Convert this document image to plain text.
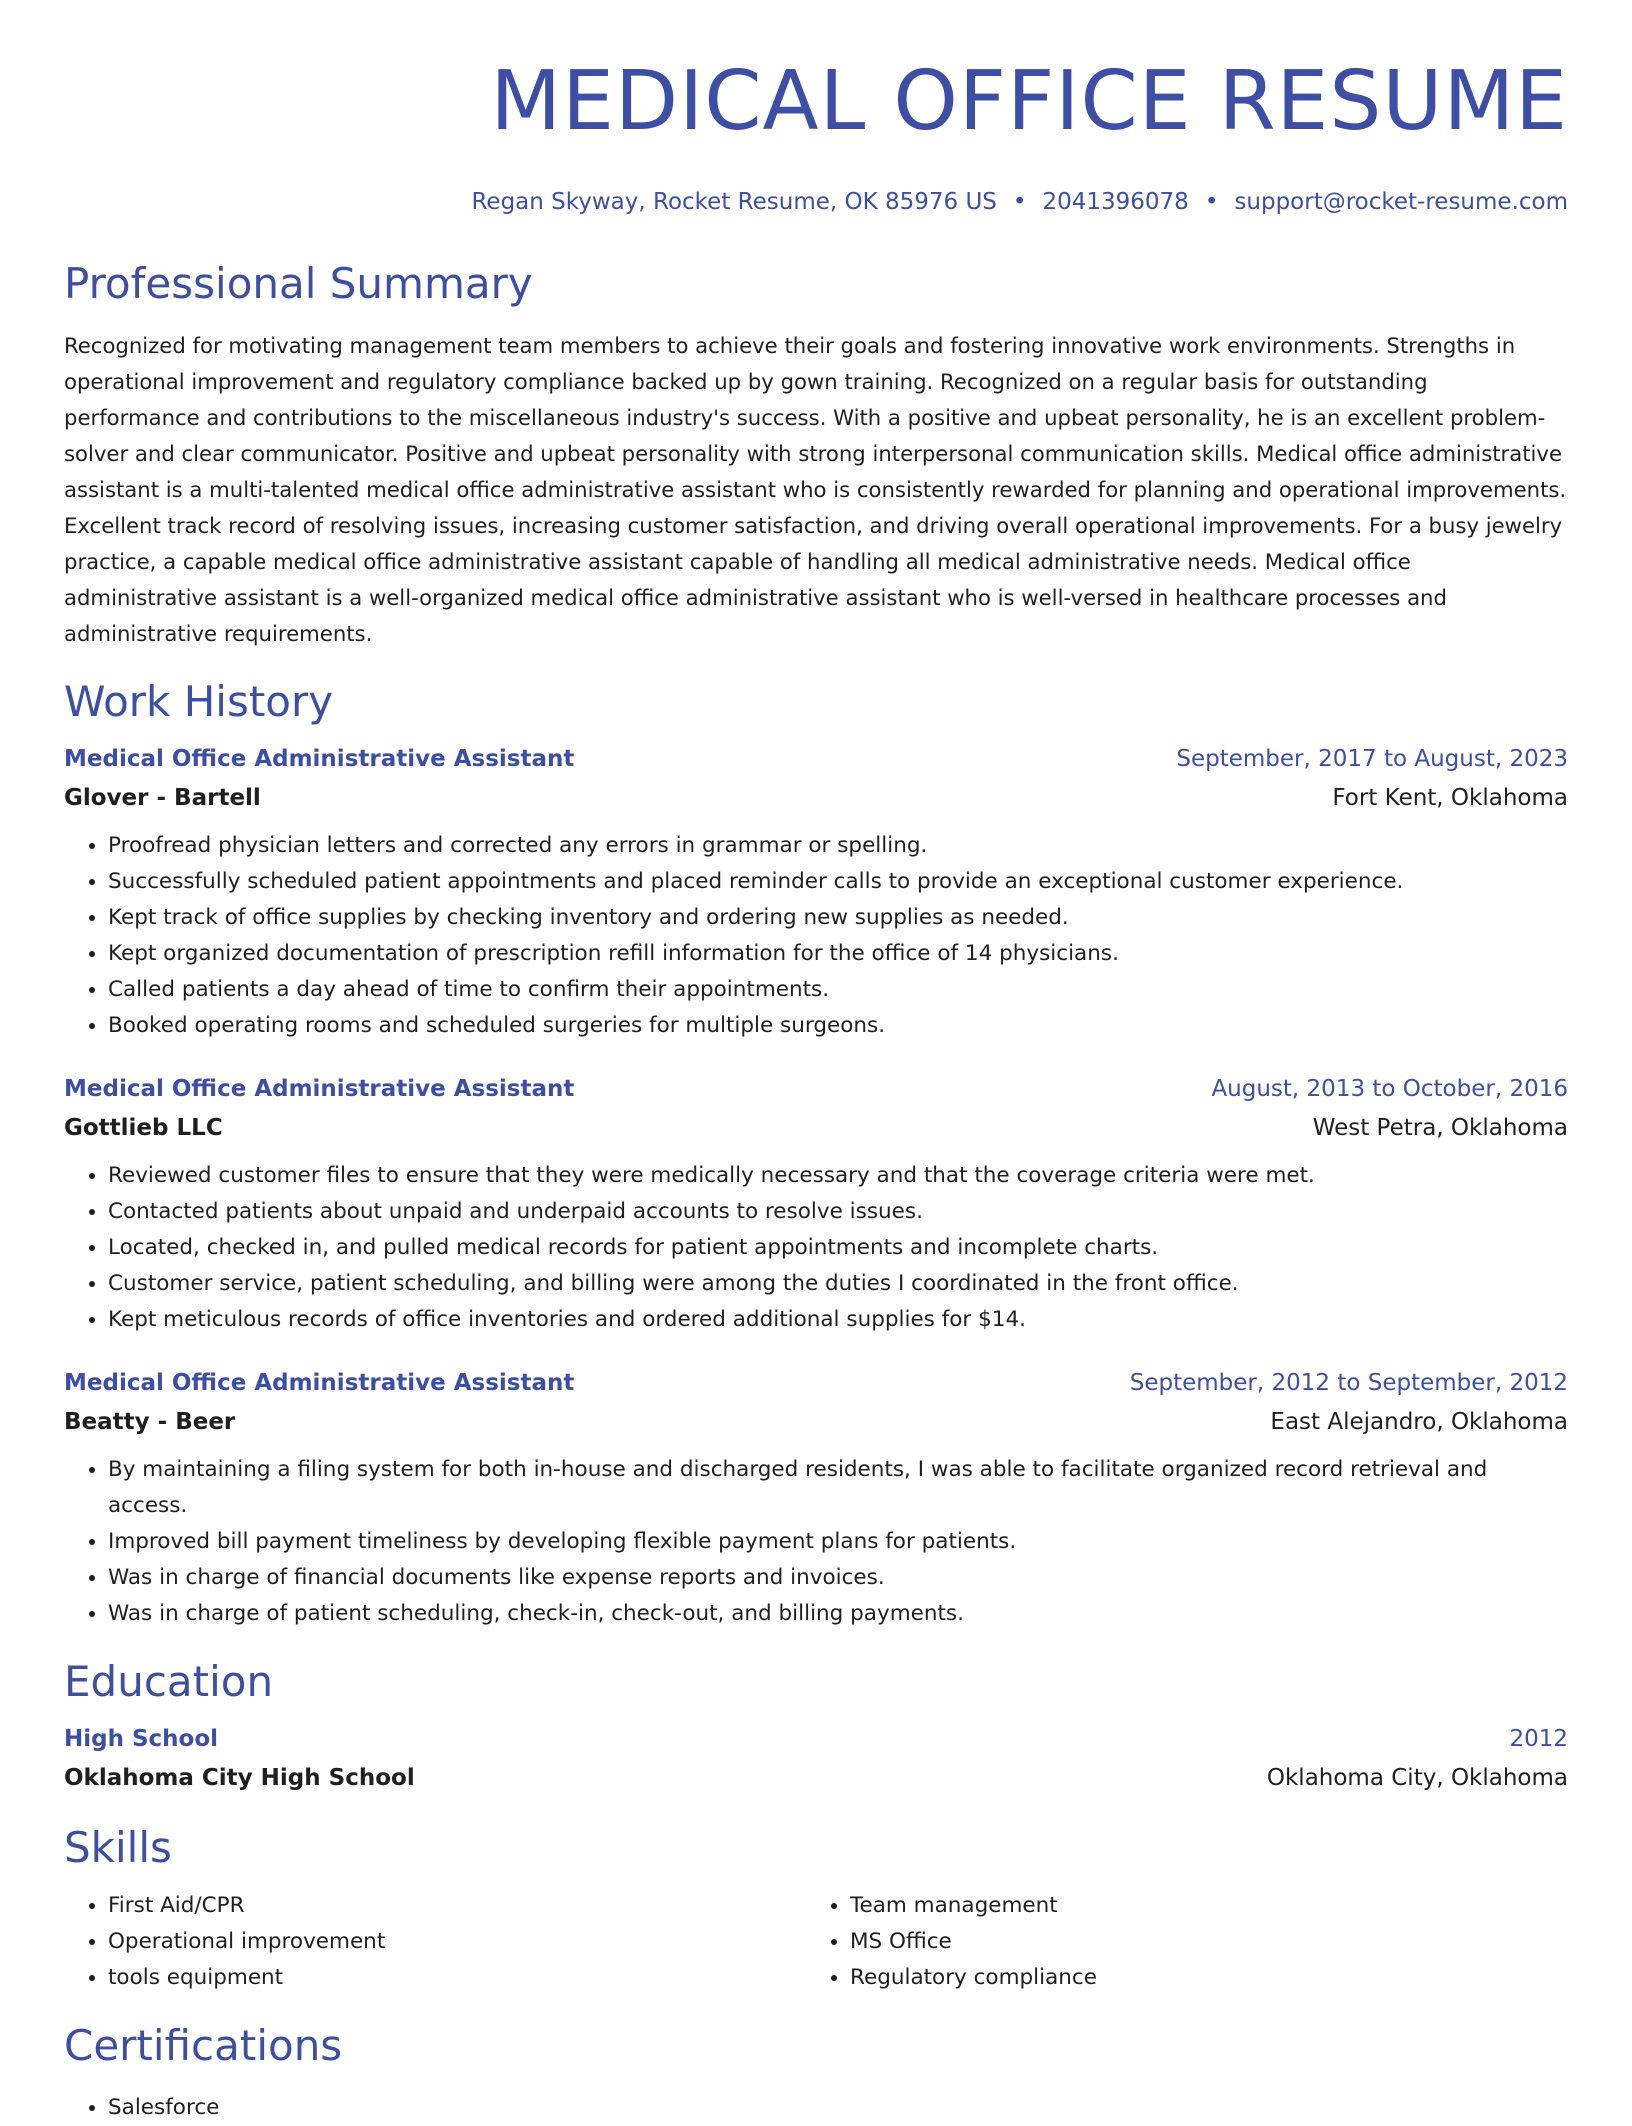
MEDICAL OFFICE RESUME
Regan Skyway, Rocket Resume, OK 85976 US • 2041396078 • support@rocket-resume.com
Professional Summary
Recognized for motivating management team members to achieve their goals and fostering innovative work environments. Strengths in operational improvement and regulatory compliance backed up by gown training. Recognized on a regular basis for outstanding performance and contributions to the miscellaneous industry's success. With a positive and upbeat personality, he is an excellent problem-solver and clear communicator. Positive and upbeat personality with strong interpersonal communication skills. Medical office administrative assistant is a multi-talented medical office administrative assistant who is consistently rewarded for planning and operational improvements. Excellent track record of resolving issues, increasing customer satisfaction, and driving overall operational improvements. For a busy jewelry practice, a capable medical office administrative assistant capable of handling all medical administrative needs. Medical office administrative assistant is a well-organized medical office administrative assistant who is well-versed in healthcare processes and administrative requirements.
Work History
Medical Office Administrative Assistant	September, 2017 to August, 2023
Glover - Bartell	Fort Kent, Oklahoma
• Proofread physician letters and corrected any errors in grammar or spelling.
• Successfully scheduled patient appointments and placed reminder calls to provide an exceptional customer experience.
• Kept track of office supplies by checking inventory and ordering new supplies as needed.
• Kept organized documentation of prescription refill information for the office of 14 physicians.
• Called patients a day ahead of time to confirm their appointments.
• Booked operating rooms and scheduled surgeries for multiple surgeons.
Medical Office Administrative Assistant	August, 2013 to October, 2016
Gottlieb LLC	West Petra, Oklahoma
• Reviewed customer files to ensure that they were medically necessary and that the coverage criteria were met.
• Contacted patients about unpaid and underpaid accounts to resolve issues.
• Located, checked in, and pulled medical records for patient appointments and incomplete charts.
• Customer service, patient scheduling, and billing were among the duties I coordinated in the front office.
• Kept meticulous records of office inventories and ordered additional supplies for $14.
Medical Office Administrative Assistant	September, 2012 to September, 2012
Beatty - Beer	East Alejandro, Oklahoma
• By maintaining a filing system for both in-house and discharged residents, I was able to facilitate organized record retrieval and access.
• Improved bill payment timeliness by developing flexible payment plans for patients.
• Was in charge of financial documents like expense reports and invoices.
• Was in charge of patient scheduling, check-in, check-out, and billing payments.
Education
High School	2012
Oklahoma City High School	Oklahoma City, Oklahoma
Skills
• First Aid/CPR
• Operational improvement
• tools equipment
• Team management
• MS Office
• Regulatory compliance
Certifications
• Salesforce
